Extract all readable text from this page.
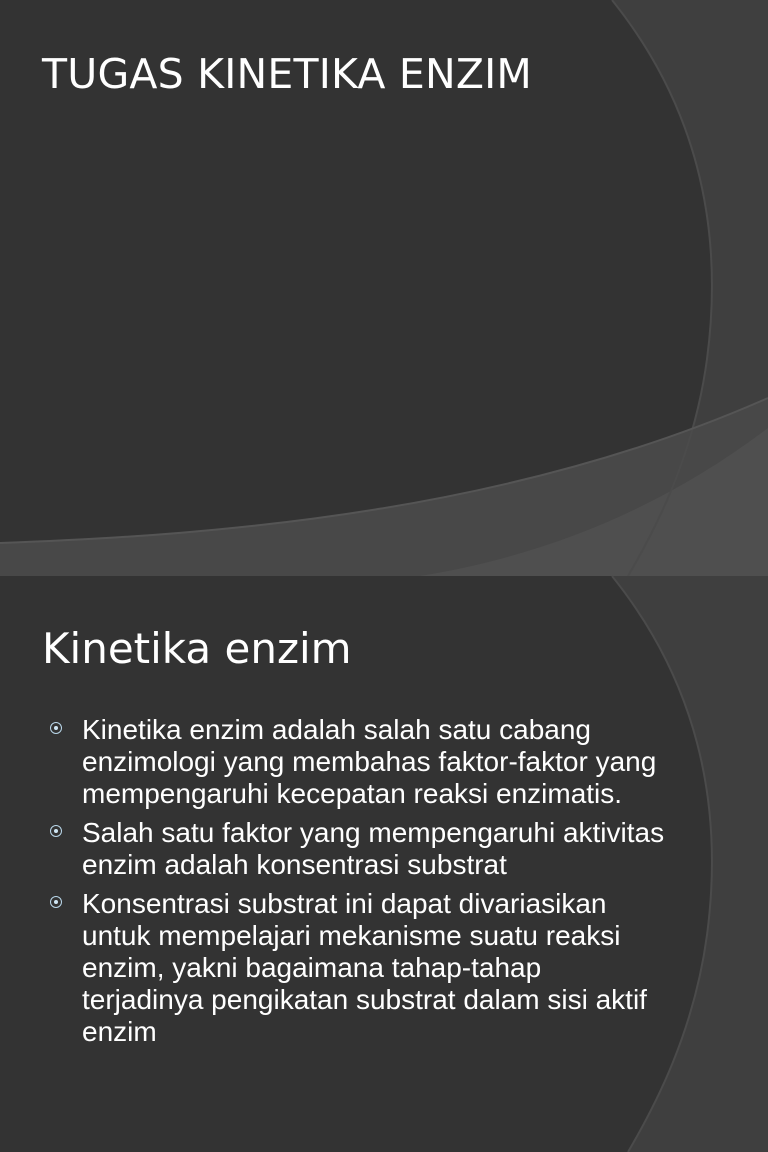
TUGAS KINETIKA ENZIM
Kinetika enzim
Kinetika enzim adalah salah satu cabang enzimologi yang membahas faktor-faktor yang mempengaruhi kecepatan reaksi enzimatis.
Salah satu faktor yang mempengaruhi aktivitas enzim adalah konsentrasi substrat
Konsentrasi substrat ini dapat divariasikan untuk mempelajari mekanisme suatu reaksi enzim, yakni bagaimana tahap-tahap terjadinya pengikatan substrat dalam sisi aktif enzim
